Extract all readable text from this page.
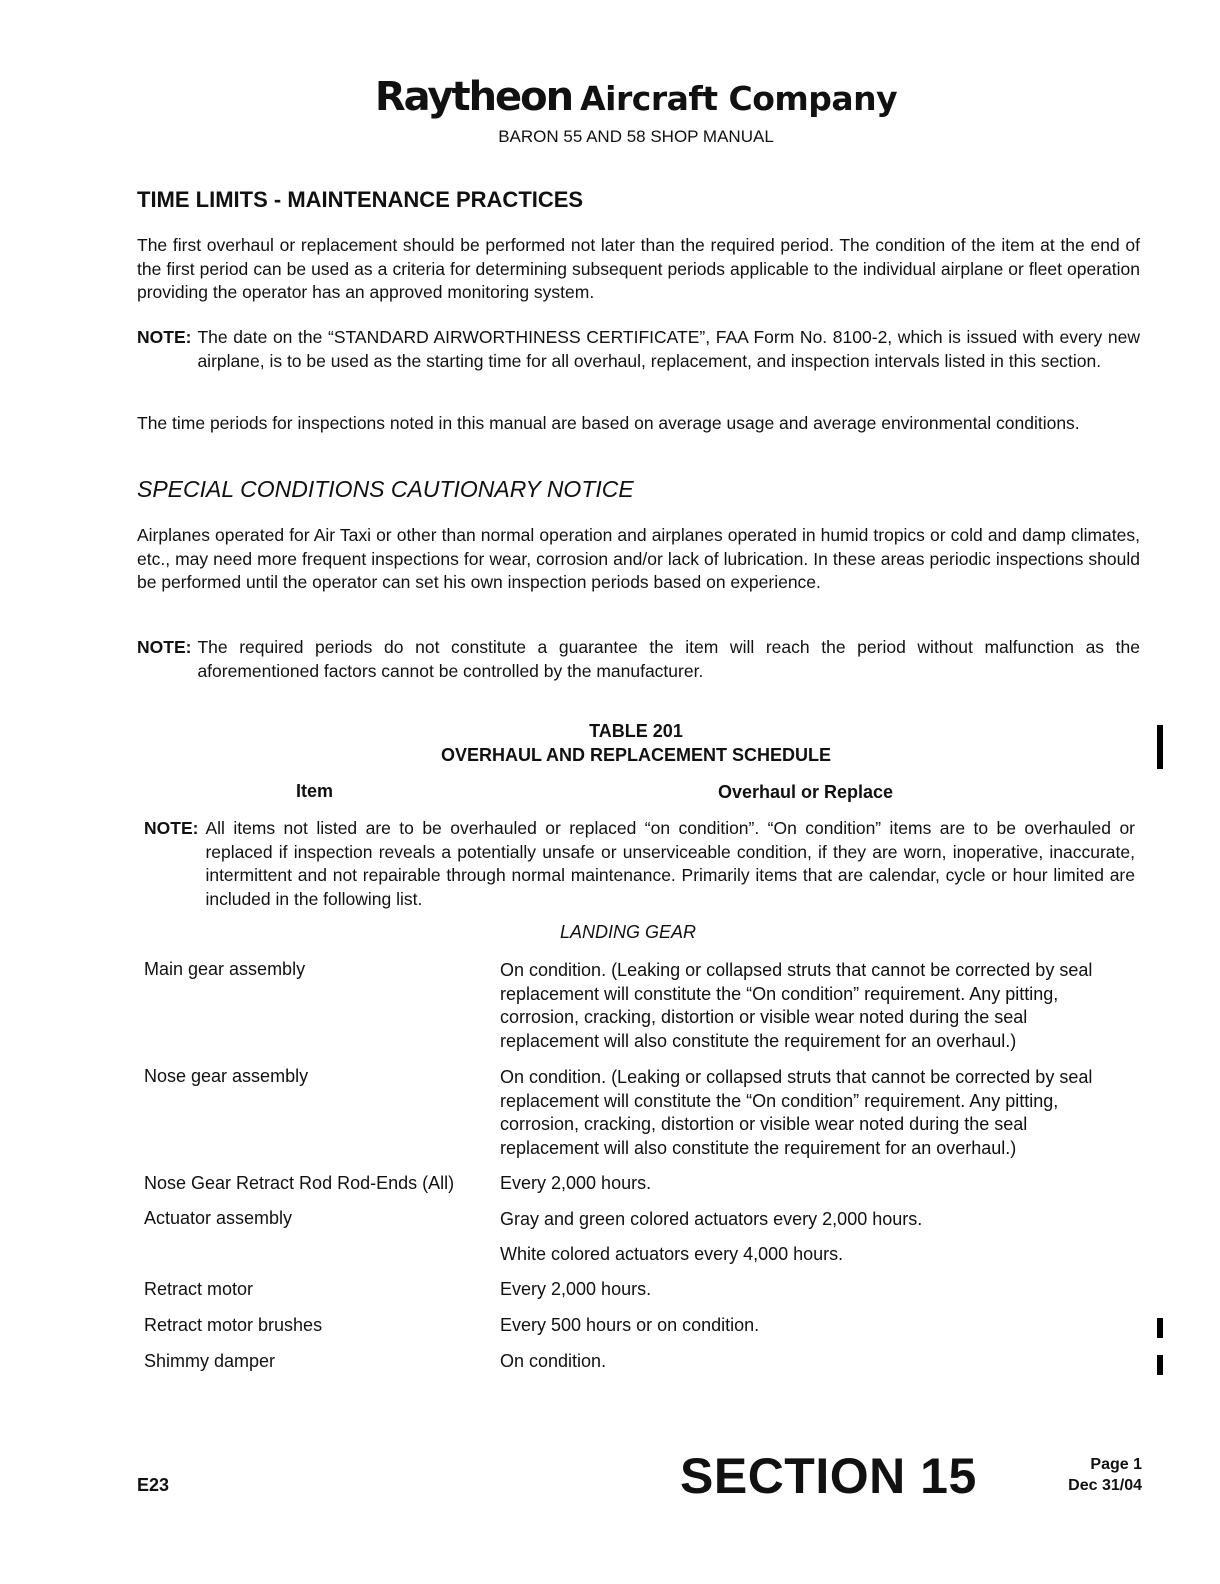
Raytheon Aircraft Company
BARON 55 AND 58 SHOP MANUAL
TIME LIMITS - MAINTENANCE PRACTICES
The first overhaul or replacement should be performed not later than the required period. The condition of the item at the end of the first period can be used as a criteria for determining subsequent periods applicable to the individual airplane or fleet operation providing the operator has an approved monitoring system.
NOTE: The date on the “STANDARD AIRWORTHINESS CERTIFICATE”, FAA Form No. 8100-2, which is issued with every new airplane, is to be used as the starting time for all overhaul, replacement, and inspection intervals listed in this section.
The time periods for inspections noted in this manual are based on average usage and average environmental conditions.
SPECIAL CONDITIONS CAUTIONARY NOTICE
Airplanes operated for Air Taxi or other than normal operation and airplanes operated in humid tropics or cold and damp climates, etc., may need more frequent inspections for wear, corrosion and/or lack of lubrication. In these areas periodic inspections should be performed until the operator can set his own inspection periods based on experience.
NOTE: The required periods do not constitute a guarantee the item will reach the period without malfunction as the aforementioned factors cannot be controlled by the manufacturer.
TABLE 201
OVERHAUL AND REPLACEMENT SCHEDULE
Item	Overhaul or Replace
NOTE: All items not listed are to be overhauled or replaced “on condition”. “On condition” items are to be overhauled or replaced if inspection reveals a potentially unsafe or unserviceable condition, if they are worn, inoperative, inaccurate, intermittent and not repairable through normal maintenance. Primarily items that are calendar, cycle or hour limited are included in the following list.
LANDING GEAR
Main gear assembly	On condition. (Leaking or collapsed struts that cannot be corrected by seal replacement will constitute the “On condition” requirement. Any pitting, corrosion, cracking, distortion or visible wear noted during the seal replacement will also constitute the requirement for an overhaul.)
Nose gear assembly	On condition. (Leaking or collapsed struts that cannot be corrected by seal replacement will constitute the “On condition” requirement. Any pitting, corrosion, cracking, distortion or visible wear noted during the seal replacement will also constitute the requirement for an overhaul.)
Nose Gear Retract Rod Rod-Ends (All)	Every 2,000 hours.
Actuator assembly	Gray and green colored actuators every 2,000 hours.
White colored actuators every 4,000 hours.
Retract motor	Every 2,000 hours.
Retract motor brushes	Every 500 hours or on condition.
Shimmy damper	On condition.
E23	SECTION 15	Page 1
Dec 31/04
